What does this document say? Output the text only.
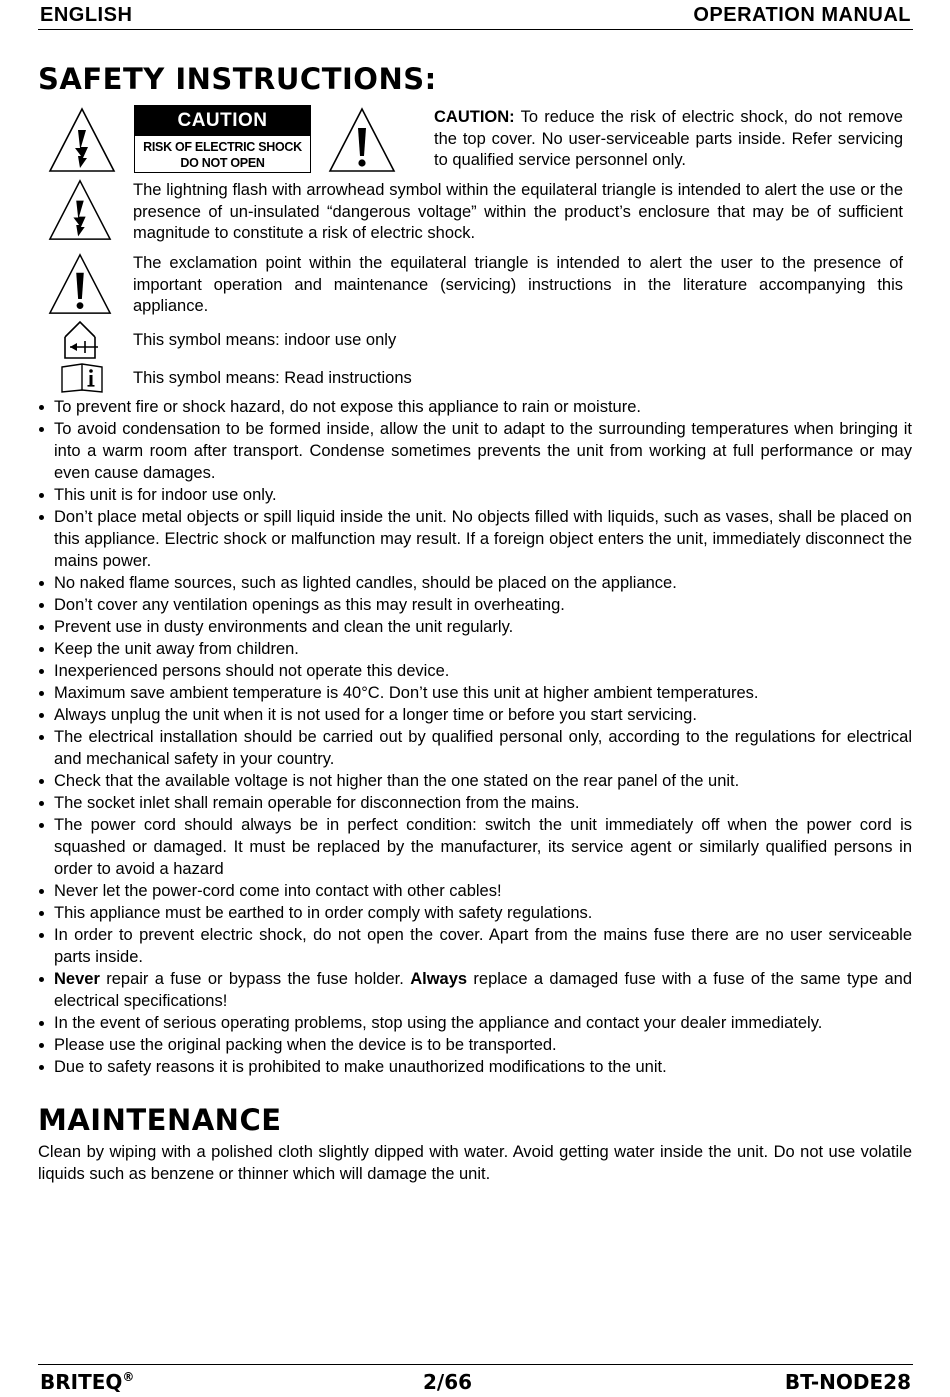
ENGLISH	OPERATION MANUAL
SAFETY INSTRUCTIONS:
CAUTION
RISK OF ELECTRIC SHOCK
DO NOT OPEN
CAUTION: To reduce the risk of electric shock, do not remove the top cover. No user-serviceable parts inside. Refer servicing to qualified service personnel only.
The lightning flash with arrowhead symbol within the equilateral triangle is intended to alert the use or the presence of un-insulated “dangerous voltage” within the product’s enclosure that may be of sufficient magnitude to constitute a risk of electric shock.
The exclamation point within the equilateral triangle is intended to alert the user to the presence of important operation and maintenance (servicing) instructions in the literature accompanying this appliance.
This symbol means: indoor use only
This symbol means: Read instructions
To prevent fire or shock hazard, do not expose this appliance to rain or moisture.
To avoid condensation to be formed inside, allow the unit to adapt to the surrounding temperatures when bringing it into a warm room after transport. Condense sometimes prevents the unit from working at full performance or may even cause damages.
This unit is for indoor use only.
Don’t place metal objects or spill liquid inside the unit. No objects filled with liquids, such as vases, shall be placed on this appliance. Electric shock or malfunction may result. If a foreign object enters the unit, immediately disconnect the mains power.
No naked flame sources, such as lighted candles, should be placed on the appliance.
Don’t cover any ventilation openings as this may result in overheating.
Prevent use in dusty environments and clean the unit regularly.
Keep the unit away from children.
Inexperienced persons should not operate this device.
Maximum save ambient temperature is 40°C. Don’t use this unit at higher ambient temperatures.
Always unplug the unit when it is not used for a longer time or before you start servicing.
The electrical installation should be carried out by qualified personal only, according to the regulations for electrical and mechanical safety in your country.
Check that the available voltage is not higher than the one stated on the rear panel of the unit.
The socket inlet shall remain operable for disconnection from the mains.
The power cord should always be in perfect condition: switch the unit immediately off when the power cord is squashed or damaged. It must be replaced by the manufacturer, its service agent or similarly qualified persons in order to avoid a hazard
Never let the power-cord come into contact with other cables!
This appliance must be earthed to in order comply with safety regulations.
In order to prevent electric shock, do not open the cover. Apart from the mains fuse there are no user serviceable parts inside.
Never repair a fuse or bypass the fuse holder. Always replace a damaged fuse with a fuse of the same type and electrical specifications!
In the event of serious operating problems, stop using the appliance and contact your dealer immediately.
Please use the original packing when the device is to be transported.
Due to safety reasons it is prohibited to make unauthorized modifications to the unit.
MAINTENANCE
Clean by wiping with a polished cloth slightly dipped with water. Avoid getting water inside the unit. Do not use volatile liquids such as benzene or thinner which will damage the unit.
BRITEQ®	2/66	BT-NODE28
